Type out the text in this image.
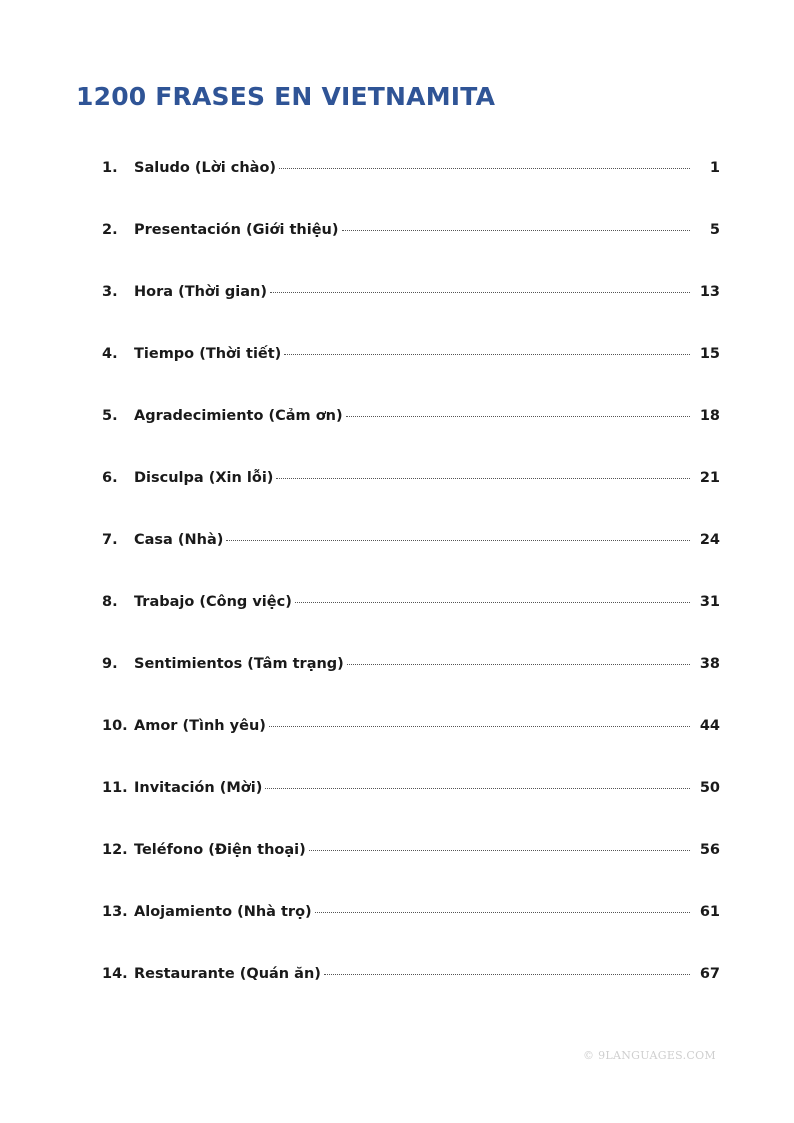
1200 FRASES EN VIETNAMITA
1.	Saludo (Lời chào)	1
2.	Presentación (Giới thiệu)	5
3.	Hora (Thời gian)	13
4.	Tiempo (Thời tiết)	15
5.	Agradecimiento (Cảm ơn)	18
6.	Disculpa (Xin lỗi)	21
7.	Casa (Nhà)	24
8.	Trabajo (Công việc)	31
9.	Sentimientos (Tâm trạng)	38
10. Amor (Tình yêu)	44
11. Invitación (Mời)	50
12. Teléfono (Điện thoại)	56
13. Alojamiento (Nhà trọ)	61
14. Restaurante (Quán ăn)	67
© 9LANGUAGES.COM
